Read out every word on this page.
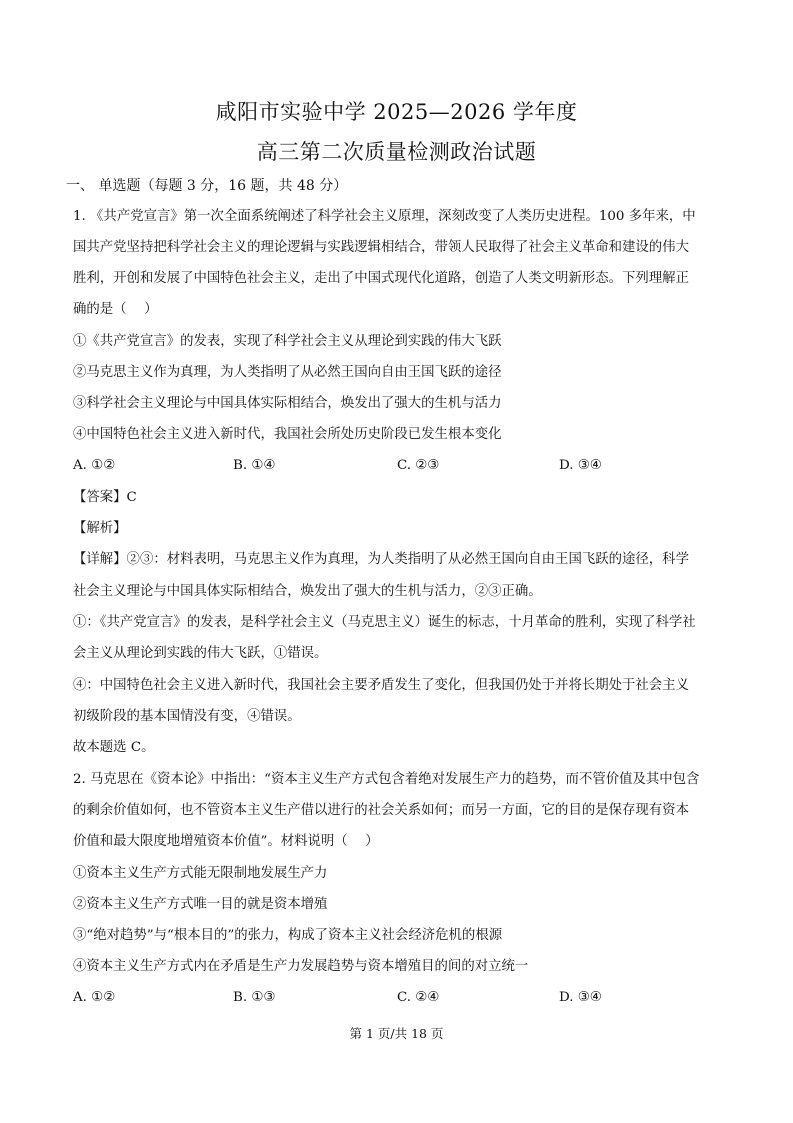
咸阳市实验中学 2025—2026 学年度
高三第二次质量检测政治试题
一、 单选题（每题 3 分，16 题，共 48 分）
1. 《共产党宣言》第一次全面系统阐述了科学社会主义原理，深刻改变了人类历史进程。100 多年来，中
国共产党坚持把科学社会主义的理论逻辑与实践逻辑相结合，带领人民取得了社会主义革命和建设的伟大
胜利，开创和发展了中国特色社会主义，走出了中国式现代化道路，创造了人类文明新形态。下列理解正
确的是（　 ）
①《共产党宣言》的发表，实现了科学社会主义从理论到实践的伟大飞跃
②马克思主义作为真理，为人类指明了从必然王国向自由王国飞跃的途径
③科学社会主义理论与中国具体实际相结合，焕发出了强大的生机与活力
④中国特色社会主义进入新时代，我国社会所处历史阶段已发生根本变化
A. ①②	B. ①④	C. ②③	D. ③④
【答案】C
【解析】
【详解】②③：材料表明，马克思主义作为真理，为人类指明了从必然王国向自由王国飞跃的途径，科学
社会主义理论与中国具体实际相结合，焕发出了强大的生机与活力，②③正确。
①：《共产党宣言》的发表，是科学社会主义（马克思主义）诞生的标志，十月革命的胜利，实现了科学社
会主义从理论到实践的伟大飞跃，①错误。
④：中国特色社会主义进入新时代，我国社会主要矛盾发生了变化，但我国仍处于并将长期处于社会主义
初级阶段的基本国情没有变，④错误。
故本题选 C。
2. 马克思在《资本论》中指出：“资本主义生产方式包含着绝对发展生产力的趋势，而不管价值及其中包含
的剩余价值如何，也不管资本主义生产借以进行的社会关系如何；而另一方面，它的目的是保存现有资本
价值和最大限度地增殖资本价值”。材料说明（　 ）
①资本主义生产方式能无限制地发展生产力
②资本主义生产方式唯一目的就是资本增殖
③“绝对趋势”与“根本目的”的张力，构成了资本主义社会经济危机的根源
④资本主义生产方式内在矛盾是生产力发展趋势与资本增殖目的间的对立统一
A. ①②	B. ①③	C. ②④	D. ③④
第 1 页/共 18 页
